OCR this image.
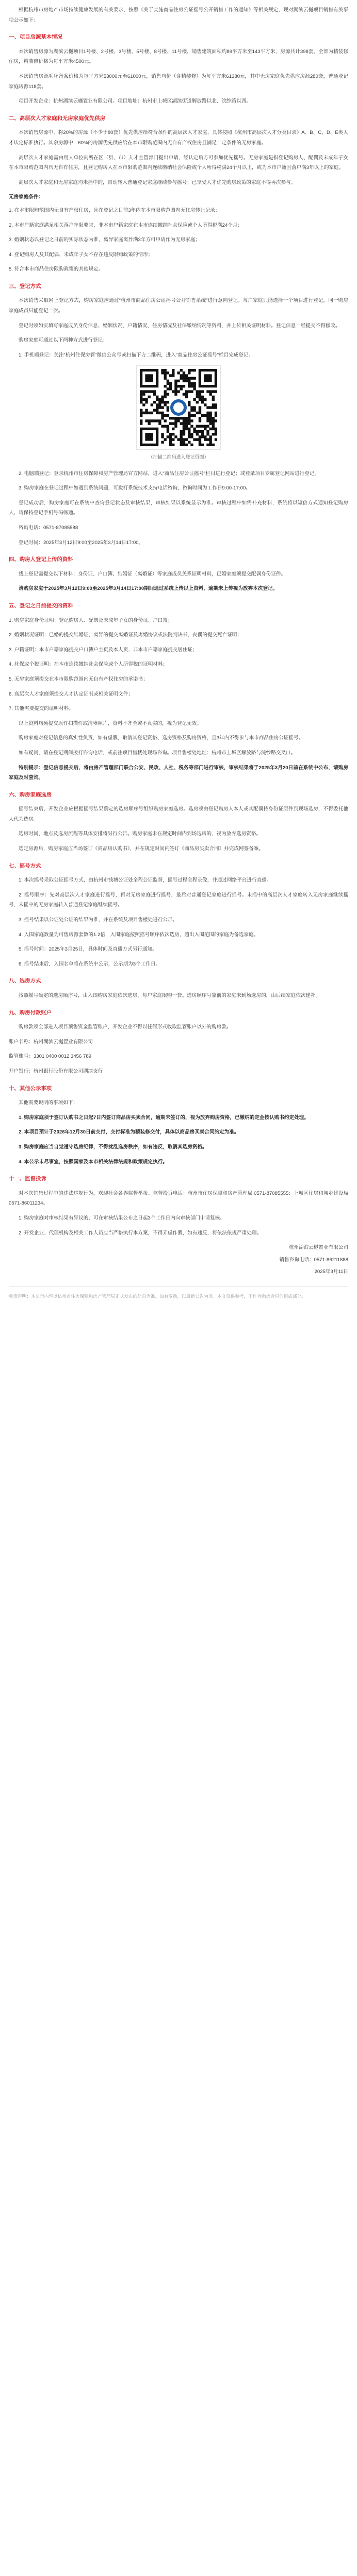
根据杭州市房地产市场持续健康发展的有关要求，按照《关于实施商品住房公证摇号公开销售工作的通知》等相关规定，现对湖滨云樾项目销售有关事项公示如下：

一、项目房源基本情况

本次销售房源为湖滨云樾项目1号楼、2号楼、3号楼、5号楼、8号楼、11号楼，销售建筑面积约89平方米至143平方米，房源共计398套，全部为精装修住房，精装修价格为每平方米4500元。

本次销售房源毛坯备案价格为每平方米53000元至61000元，销售均价（含精装修）为每平方米61380元，其中无房家庭优先供应房源280套，普通登记家庭房源118套。

项目开发企业：杭州湖滨云樾置业有限公司。项目地址：杭州市上城区湖滨街道解放路以北、浣纱路以西。

二、高层次人才家庭和无房家庭优先供房

本次销售房源中，将20%的房源（不少于80套）优先供应给符合条件的高层次人才家庭，具体按照《杭州市高层次人才分类目录》A、B、C、D、E类人才认定标准执行。其余房源中，60%的房源优先供应给在本市限购范围内无自有产权住房且满足一定条件的无房家庭。

高层次人才家庭需由用人单位向所在区（县、市）人才主管部门提出申请，经认定后方可参加优先摇号。无房家庭是指登记购房人、配偶及未成年子女在本市限购范围内均无自有住房，且登记购房人在本市限购范围内连续缴纳社会保险或个人所得税满24个月以上，或为本市户籍且落户满3年以上的家庭。

高层次人才家庭和无房家庭均未摇中的，自动转入普通登记家庭继续参与摇号；已享受人才优先购房政策的家庭不得再次参与。

无房家庭条件：

1. 在本市限购范围内无自有产权住房，且在登记之日前3年内在本市限购范围内无住房转让记录；

2. 本市户籍家庭满足相关落户年限要求，非本市户籍家庭在本市连续缴纳社会保险或个人所得税满24个月；

3. 婚姻状态以登记之日前的实际状态为准，离异家庭离异满3年方可申请作为无房家庭；

4. 登记购房人及其配偶、未成年子女不存在违反限购政策的情形；

5. 符合本市商品住房限购政策的其他规定。

三、登记方式

本次销售采取网上登记方式，购房家庭应通过“杭州市商品住房公证摇号公开销售系统”进行意向登记。每户家庭只能选择一个项目进行登记，同一购房家庭成员只能登记一次。

登记时须如实填写家庭成员身份信息、婚姻状况、户籍情况、住房情况及社保缴纳情况等资料，并上传相关证明材料。登记信息一经提交不得修改。

购房家庭可通过以下两种方式进行登记：

1. 手机端登记：关注“杭州住保房管”微信公众号或扫描下方二维码，进入“商品住房公证摇号”栏目完成登记。

（扫描二维码进入登记页面）

2. 电脑端登记：登录杭州市住房保障和房产管理局官方网站，进入“商品住房公证摇号”栏目进行登记；或登录项目专属登记网站进行登记。

3. 购房家庭在登记过程中如遇到系统问题，可拨打系统技术支持电话咨询，咨询时间为工作日9:00-17:00。

登记成功后，购房家庭可在系统中查询登记状态及审核结果，审核结果以系统显示为准。审核过程中如需补充材料，系统将以短信方式通知登记购房人，请保持登记手机号码畅通。

咨询电话：0571-87085588

登记时间：2025年3月12日9:00至2025年3月14日17:00。

四、购房人登记上传的资料

线上登记需提交以下材料：身份证、户口簿、结婚证（离婚证）等家庭成员关系证明材料，已婚家庭须提交配偶身份证件。

请购房家庭于2025年3月12日9:00至2025年3月14日17:00期间通过系统上传以上资料，逾期未上传视为放弃本次登记。

五、登记之日前提交的资料

1. 购房家庭身份证明：登记购房人、配偶及未成年子女的身份证、户口簿；

2. 婚姻状况证明：已婚的提交结婚证，离异的提交离婚证及离婚协议或法院判决书，丧偶的提交死亡证明；

3. 户籍证明：本市户籍家庭提交户口簿户主页及本人页，非本市户籍家庭提交居住证；

4. 社保或个税证明：在本市连续缴纳社会保险或个人所得税的证明材料；

5. 无房家庭须提交在本市限购范围内无自有产权住房的承诺书；

6. 高层次人才家庭须提交人才认定证书或相关证明文件；

7. 其他需要提交的证明材料。

以上资料均须提交原件扫描件或清晰照片，资料不齐全或不真实的，视为登记无效。

购房家庭对登记信息的真实性负责，如有虚假，取消其登记资格、选房资格及购房资格，且3年内不得参与本市商品住房公证摇号。

如有疑问，请在登记期间拨打咨询电话，或前往项目售楼处现场咨询。项目售楼处地址：杭州市上城区解放路与浣纱路交叉口。

特别提示：登记信息提交后，将由房产管理部门联合公安、民政、人社、税务等部门进行审核，审核结果将于2025年3月20日前在系统中公布，请购房家庭及时查询。

六、购房家庭选房

摇号结束后，开发企业应根据摇号结果确定的选房顺序号组织购房家庭选房。选房须由登记购房人本人或其配偶持身份证原件到现场选房，不得委托他人代为选房。

选房时间、地点及选房流程等具体安排将另行公告。购房家庭未在规定时间内到场选房的，视为放弃选房资格。

选定房源后，购房家庭应当场签订《商品房认购书》，并在规定时间内签订《商品房买卖合同》并完成网签备案。

七、摇号方式

1. 本次摇号采取公证摇号方式，由杭州市钱塘公证处全程公证监督，摇号过程全程录像，并通过网络平台进行直播。

2. 摇号顺序：先对高层次人才家庭进行摇号，再对无房家庭进行摇号，最后对普通登记家庭进行摇号。未摇中的高层次人才家庭转入无房家庭继续摇号，未摇中的无房家庭转入普通登记家庭继续摇号。

3. 摇号结果以公证处公证的结果为准，并在系统及项目售楼处进行公示。

4. 入围家庭数量为可售房源套数的1.2倍，入围家庭按照摇号顺序依次选房，超出入围范围的家庭为备选家庭。

5. 摇号时间：2025年3月25日，具体时间及直播方式另行通知。

6. 摇号结束后，入围名单将在系统中公示，公示期为3个工作日。

八、选房方式

按照摇号确定的选房顺序号，由入围购房家庭依次选房，每户家庭限购一套。选房顺序号靠前的家庭未到场选房的，由后续家庭依次递补。

九、购房付款账户

购房款须全部进入项目预售资金监管账户，开发企业不得以任何形式收取监管账户以外的购房款。

账户名称：杭州湖滨云樾置业有限公司

监管账号：3301 0400 0012 3456 789

开户银行：杭州银行股份有限公司湖滨支行

十、其他公示事项

其他需要说明的事项如下：

1. 购房家庭须于签订认购书之日起7日内签订商品房买卖合同，逾期未签订的，视为放弃购房资格，已缴纳的定金按认购书约定处理。

2. 本项目预计于2026年12月30日前交付，交付标准为精装修交付，具体以商品房买卖合同约定为准。

3. 购房家庭应当自觉遵守选房纪律，不得扰乱选房秩序，如有违反，取消其选房资格。

4. 本公示未尽事宜，按照国家及本市相关法律法规和政策规定执行。

十一、监督投诉

对本次销售过程中的违法违规行为，欢迎社会各界监督举报。监督投诉电话：杭州市住房保障和房产管理局 0571-87085555；上城区住房和城乡建设局 0571-86011234。

1. 购房家庭对审核结果有异议的，可在审核结果公布之日起3个工作日内向审核部门申请复核。

2. 开发企业、代理机构及相关工作人员应当严格执行本方案，不得弄虚作假，如有违反，将依法依规严肃处理。

杭州湖滨云樾置业有限公司

销售咨询电话：0571-86211888

2025年3月11日

免责声明：本公示内容以杭州市住房保障和房产管理局正式发布的信息为准，如有变动，以最新公告为准。本文仅供参考，不作为购房合同的组成部分。
